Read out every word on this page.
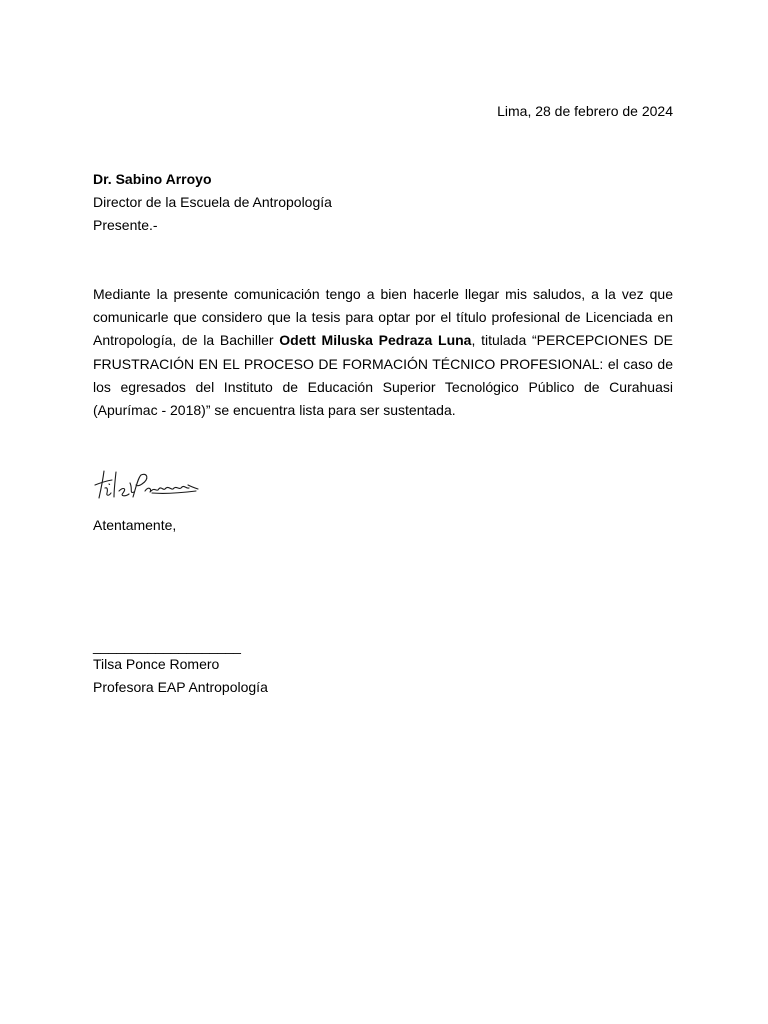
Lima, 28 de febrero de 2024

Dr. Sabino Arroyo
Director de la Escuela de Antropología
Presente.-

Mediante la presente comunicación tengo a bien hacerle llegar mis saludos, a la vez que comunicarle que considero que la tesis para optar por el título profesional de Licenciada en Antropología, de la Bachiller Odett Miluska Pedraza Luna, titulada “PERCEPCIONES DE FRUSTRACIÓN EN EL PROCESO DE FORMACIÓN TÉCNICO PROFESIONAL: el caso de los egresados del Instituto de Educación Superior Tecnológico Público de Curahuasi (Apurímac - 2018)” se encuentra lista para ser sustentada.

Atentamente,

___________________

Tilsa Ponce Romero
Profesora EAP Antropología
